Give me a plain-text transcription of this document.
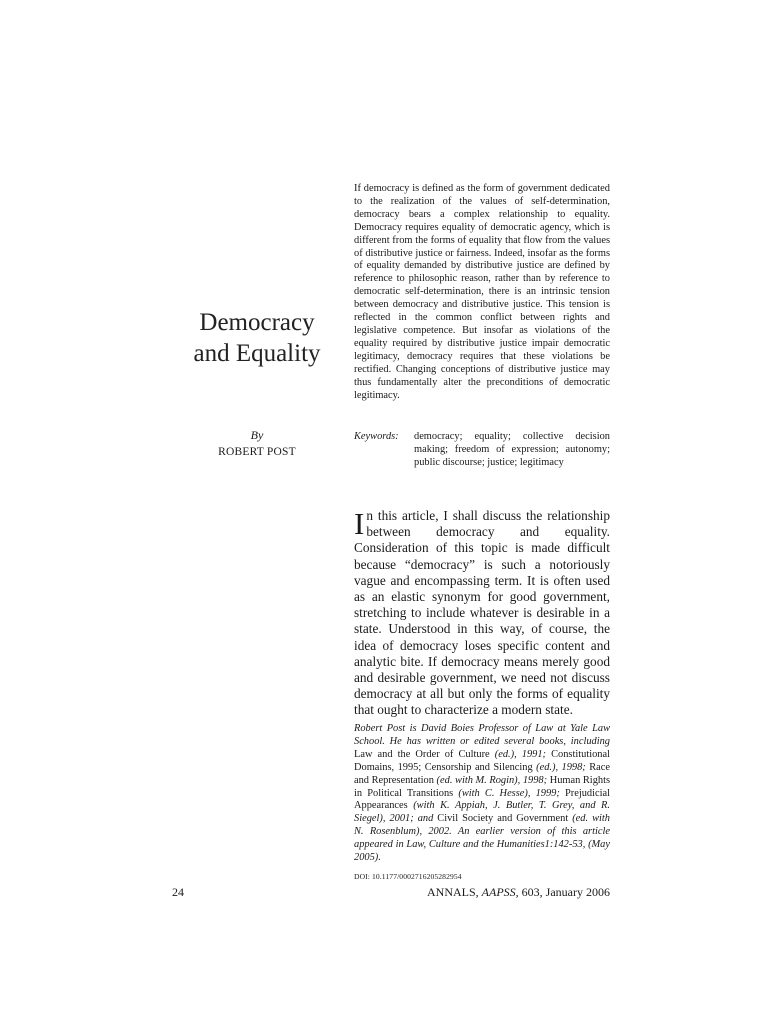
Democracy
and Equality

By

ROBERT POST

If democracy is defined as the form of government dedicated to the realization of the values of self-determination, democracy bears a complex relationship to equality. Democracy requires equality of democratic agency, which is different from the forms of equality that flow from the values of distributive justice or fairness. Indeed, insofar as the forms of equality demanded by distributive justice are defined by reference to philosophic reason, rather than by reference to democratic self-determination, there is an intrinsic tension between democracy and distributive justice. This tension is reflected in the common conflict between rights and legislative competence. But insofar as violations of the equality required by distributive justice impair democratic legitimacy, democracy requires that these violations be rectified. Changing conceptions of distributive justice may thus fundamentally alter the preconditions of democratic legitimacy.

Keywords:	democracy; equality; collective decision making; freedom of expression; autonomy; public discourse; justice; legitimacy

In this article, I shall discuss the relationship between democracy and equality. Consideration of this topic is made difficult because “democracy” is such a notoriously vague and encompassing term. It is often used as an elastic synonym for good government, stretching to include whatever is desirable in a state. Understood in this way, of course, the idea of democracy loses specific content and analytic bite. If democracy means merely good and desirable government, we need not discuss democracy at all but only the forms of equality that ought to characterize a modern state.

Robert Post is David Boies Professor of Law at Yale Law School. He has written or edited several books, including Law and the Order of Culture (ed.), 1991; Constitutional Domains, 1995; Censorship and Silencing (ed.), 1998; Race and Representation (ed. with M. Rogin), 1998; Human Rights in Political Transitions (with C. Hesse), 1999; Prejudicial Appearances (with K. Appiah, J. Butler, T. Grey, and R. Siegel), 2001; and Civil Society and Government (ed. with N. Rosenblum), 2002. An earlier version of this article appeared in Law, Culture and the Humanities1:142-53, (May 2005).

DOI: 10.1177/0002716205282954

24	ANNALS, AAPSS, 603, January 2006
